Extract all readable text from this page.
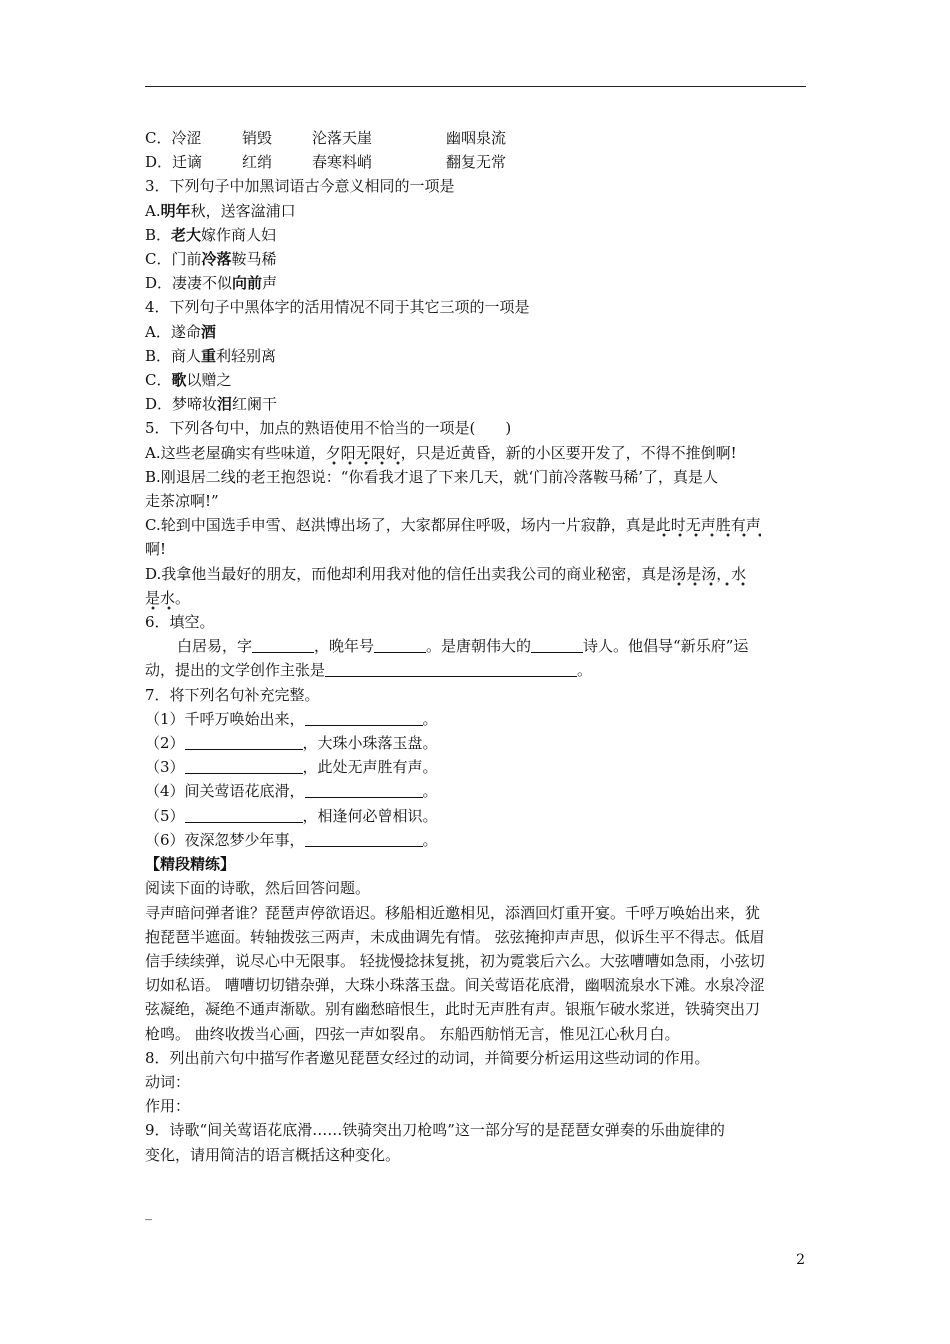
C．冷涩	销毁	沦落天崖	幽咽泉流
D．迁谪	红绡	春寒料峭	翻复无常
3．下列句子中加黑词语古今意义相同的一项是
A.明年秋，送客湓浦口
B．老大嫁作商人妇
C．门前冷落鞍马稀
D．凄凄不似向前声
4．下列句子中黑体字的活用情况不同于其它三项的一项是
A．遂命酒
B．商人重利轻别离
C．歌以赠之
D．梦啼妆泪红阑干
5．下列各句中，加点的熟语使用不恰当的一项是(　　)
A.这些老屋确实有些味道，夕阳无限好，只是近黄昏，新的小区要开发了，不得不推倒啊!
B.刚退居二线的老王抱怨说：“你看我才退了下来几天，就‘门前冷落鞍马稀’了，真是人
走茶凉啊!”
C.轮到中国选手申雪、赵洪博出场了，大家都屏住呼吸，场内一片寂静，真是此时无声胜有声
啊!
D.我拿他当最好的朋友，而他却利用我对他的信任出卖我公司的商业秘密，真是汤是汤，水
是水。
6．填空。
白居易，字	，晚年号	。是唐朝伟大的	诗人。他倡导“新乐府”运
动，提出的文学创作主张是	。
7．将下列名句补充完整。
（1）千呼万唤始出来，	。
（2）	，大珠小珠落玉盘。
（3）	，此处无声胜有声。
（4）间关莺语花底滑，	。
（5）	，相逢何必曾相识。
（6）夜深忽梦少年事，	。
【精段精练】
阅读下面的诗歌，然后回答问题。
寻声暗问弹者谁？琵琶声停欲语迟。移船相近邀相见，添酒回灯重开宴。千呼万唤始出来，犹
抱琵琶半遮面。转轴拨弦三两声，未成曲调先有情。 弦弦掩抑声声思，似诉生平不得志。低眉
信手续续弹，说尽心中无限事。 轻拢慢捻抹复挑，初为霓裳后六么。大弦嘈嘈如急雨，小弦切
切如私语。 嘈嘈切切错杂弹，大珠小珠落玉盘。间关莺语花底滑，幽咽流泉水下滩。水泉冷涩
弦凝绝，凝绝不通声渐歇。别有幽愁暗恨生，此时无声胜有声。银瓶乍破水浆迸，铁骑突出刀
枪鸣。 曲终收拨当心画，四弦一声如裂帛。 东船西舫悄无言，惟见江心秋月白。
8．列出前六句中描写作者邀见琵琶女经过的动词，并简要分析运用这些动词的作用。
动词：
作用：
9．诗歌“间关莺语花底滑……铁骑突出刀枪鸣”这一部分写的是琵琶女弹奏的乐曲旋律的
变化，请用简洁的语言概括这种变化。
_
2
